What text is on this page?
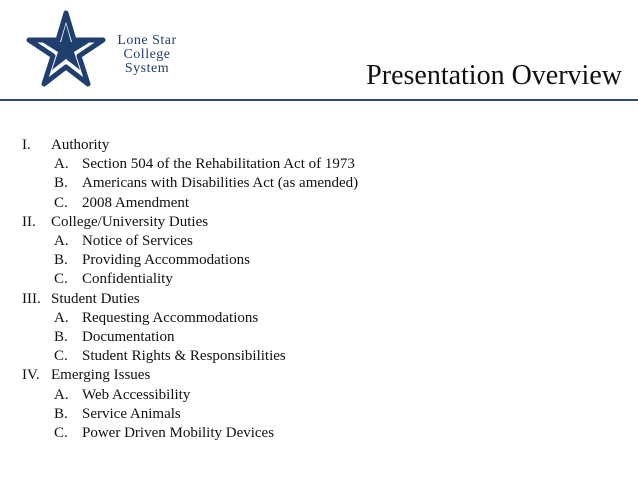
Lone Star
College
System	Presentation Overview
I.	Authority
A. Section 504 of the Rehabilitation Act of 1973
B. Americans with Disabilities Act (as amended)
C. 2008 Amendment
II.	College/University Duties
A. Notice of Services
B. Providing Accommodations
C. Confidentiality
III. Student Duties
A. Requesting Accommodations
B. Documentation
C. Student Rights & Responsibilities
IV. Emerging Issues
A. Web Accessibility
B. Service Animals
C. Power Driven Mobility Devices
